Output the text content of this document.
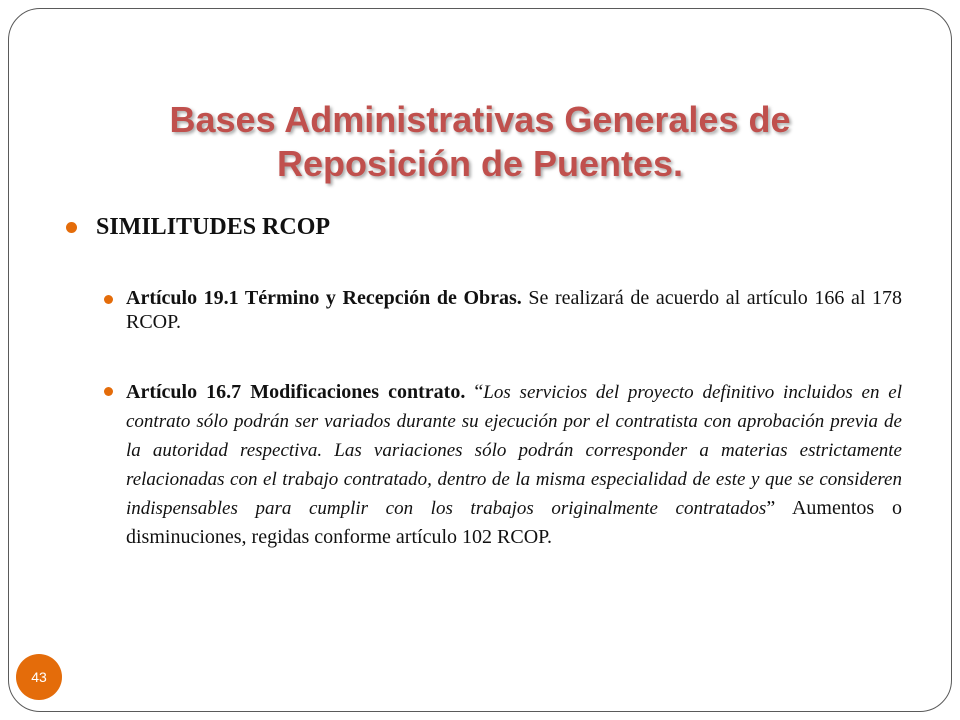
Bases Administrativas Generales de Reposición de Puentes.
SIMILITUDES RCOP
Artículo 19.1 Término y Recepción de Obras. Se realizará de acuerdo al artículo 166 al 178 RCOP.
Artículo 16.7 Modificaciones contrato. “Los servicios del proyecto definitivo incluidos en el contrato sólo podrán ser variados durante su ejecución por el contratista con aprobación previa de la autoridad respectiva. Las variaciones sólo podrán corresponder a materias estrictamente relacionadas con el trabajo contratado, dentro de la misma especialidad de este y que se consideren indispensables para cumplir con los trabajos originalmente contratados” Aumentos o disminuciones, regidas conforme artículo 102 RCOP.
43
